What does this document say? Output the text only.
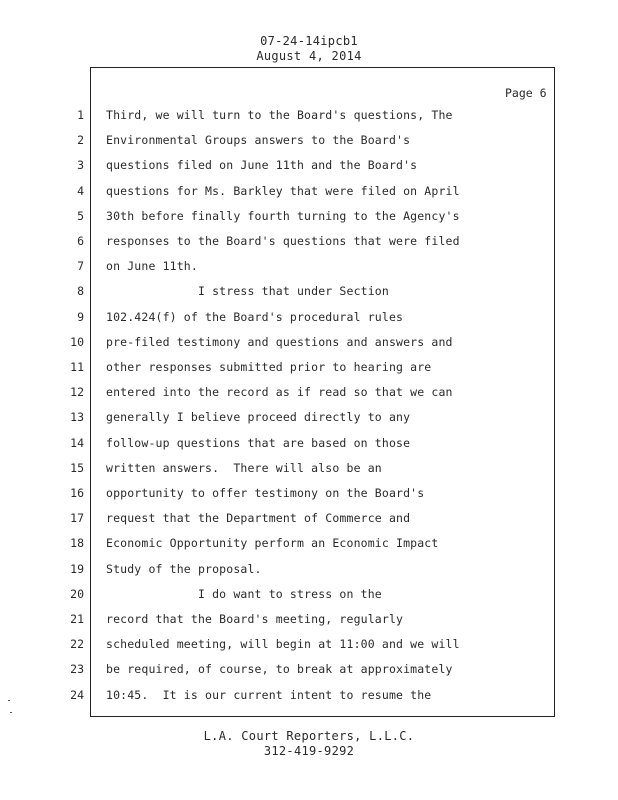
07-24-14ipcb1
August 4, 2014
Page 6
1 Third, we will turn to the Board's questions, The
2 Environmental Groups answers to the Board's
3 questions filed on June 11th and the Board's
4 questions for Ms. Barkley that were filed on April
5 30th before finally fourth turning to the Agency's
6 responses to the Board's questions that were filed
7 on June 11th.
8 I stress that under Section
9 102.424(f) of the Board's procedural rules
10 pre-filed testimony and questions and answers and
11 other responses submitted prior to hearing are
12 entered into the record as if read so that we can
13 generally I believe proceed directly to any
14 follow-up questions that are based on those
15 written answers.  There will also be an
16 opportunity to offer testimony on the Board's
17 request that the Department of Commerce and
18 Economic Opportunity perform an Economic Impact
19 Study of the proposal.
20 I do want to stress on the
21 record that the Board's meeting, regularly
22 scheduled meeting, will begin at 11:00 and we will
23 be required, of course, to break at approximately
24 10:45.  It is our current intent to resume the
L.A. Court Reporters, L.L.C.
312-419-9292
